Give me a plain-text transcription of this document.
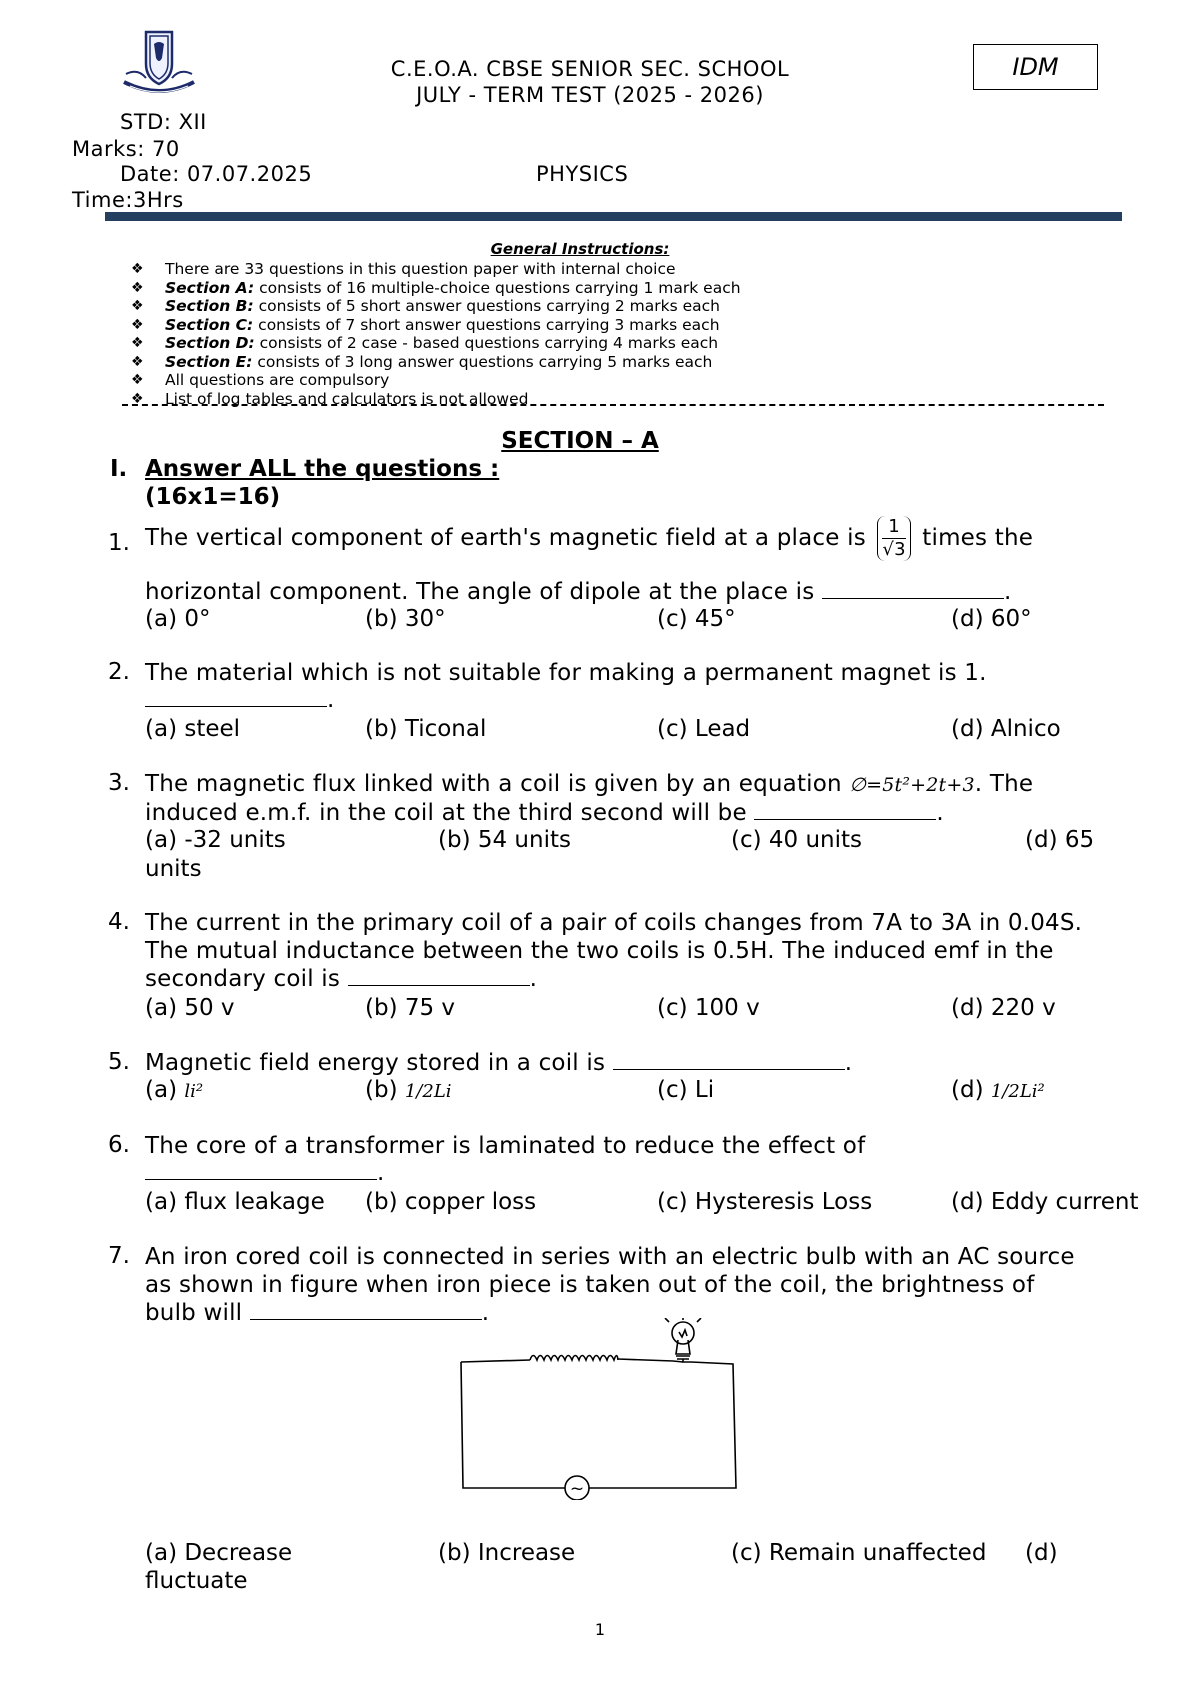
C.E.O.A. CBSE SENIOR SEC. SCHOOL
JULY - TERM TEST (2025 - 2026)
IDM
STD: XII
Marks: 70
Date: 07.07.2025	PHYSICS
Time:3Hrs
General Instructions:
❖ There are 33 questions in this question paper with internal choice
❖ Section A: consists of 16 multiple-choice questions carrying 1 mark each
❖ Section B: consists of 5 short answer questions carrying 2 marks each
❖ Section C: consists of 7 short answer questions carrying 3 marks each
❖ Section D: consists of 2 case - based questions carrying 4 marks each
❖ Section E: consists of 3 long answer questions carrying 5 marks each
❖ All questions are compulsory
❖ List of log tables and calculators is not allowed
SECTION – A
I. Answer ALL the questions :
(16x1=16)
1. The vertical component of earth's magnetic field at a place is $\frac{1}{√3}$ times the
horizontal component. The angle of dipole at the place is	.
(a) 0°	(b) 30°	(c) 45°	(d) 60°
2. The material which is not suitable for making a permanent magnet is 1.
.
(a) steel	(b) Ticonal	(c) Lead	(d) Alnico
3. The magnetic flux linked with a coil is given by an equation ∅=5t²+2t+3. The
induced e.m.f. in the coil at the third second will be	.
(a) -32 units	(b) 54 units	(c) 40 units	(d) 65
units
4. The current in the primary coil of a pair of coils changes from 7A to 3A in 0.04S.
The mutual inductance between the two coils is 0.5H. The induced emf in the
secondary coil is	.
(a) 50 v	(b) 75 v	(c) 100 v	(d) 220 v
5. Magnetic field energy stored in a coil is	.
(a) li²	(b) 1/2Li	(c) Li	(d) 1/2Li²
6. The core of a transformer is laminated to reduce the effect of
.
(a) flux leakage (b) copper loss	(c) Hysteresis Loss	(d) Eddy current
7. An iron cored coil is connected in series with an electric bulb with an AC source
as shown in figure when iron piece is taken out of the coil, the brightness of
bulb will	.
~
(a) Decrease	(b) Increase	(c) Remain unaffected (d)
fluctuate
1
